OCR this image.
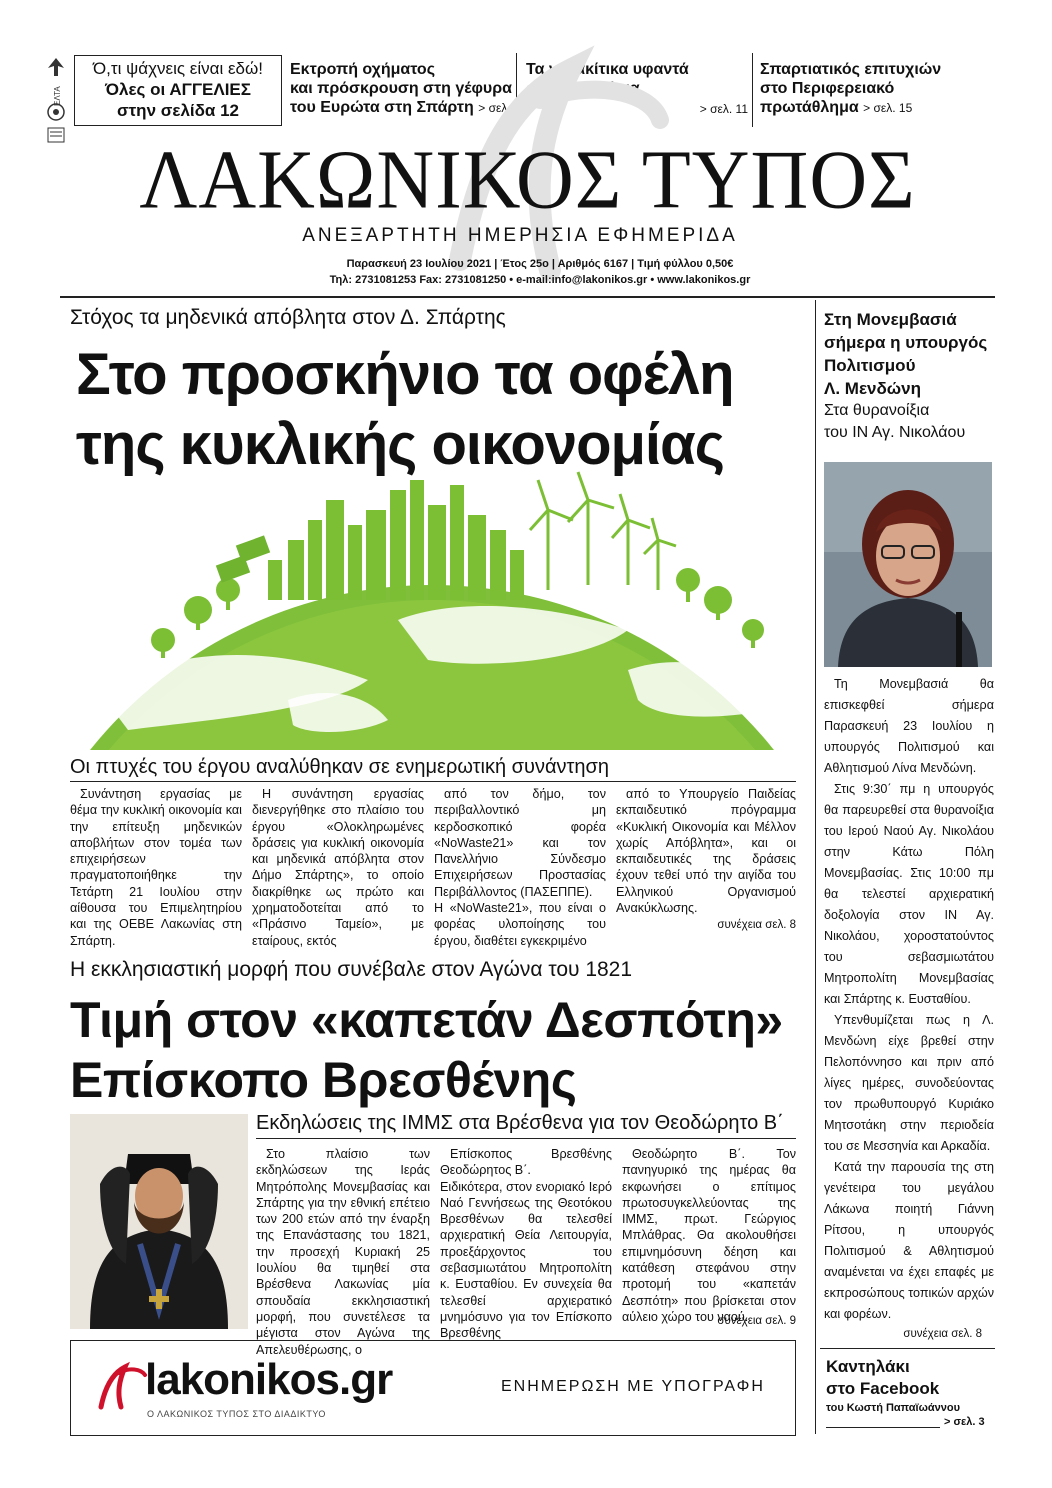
ΕΛΤΑ
Ό,τι ψάχνεις είναι εδώ!
Όλες οι ΑΓΓΕΛΙΕΣ
στην σελίδα 12
Εκτροπή οχήματος
και πρόσκρουση στη γέφυρα
του Ευρώτα στη Σπάρτη > σελ. 7
Τα γερακίτικα υφαντά
στα μπαλκόνια
> σελ. 11
Σπαρτιατικός επιτυχιών
στο Περιφερειακό
πρωτάθλημα > σελ. 15
ΛΑΚΩΝΙΚΟΣ ΤΥΠΟΣ
ΑΝΕΞΑΡΤΗΤΗ ΗΜΕΡΗΣΙΑ ΕΦΗΜΕΡΙΔΑ
Παρασκευή 23 Ιουλίου 2021 | Έτος 25ο | Αριθμός 6167 | Τιμή φύλλου 0,50€
Τηλ: 2731081253 Fax: 2731081250 • e-mail:info@lakonikos.gr • www.lakonikos.gr
Στόχος τα μηδενικά απόβλητα στον Δ. Σπάρτης
Στο προσκήνιο τα οφέλη
της κυκλικής οικονομίας
Οι πτυχές του έργου αναλύθηκαν σε ενημερωτική συνάντηση
Συνάντηση εργασίας με θέμα την κυκλική οικονομία και την επίτευξη μηδενικών αποβλήτων στον τομέα των επιχειρήσεων πραγματοποιήθηκε την Τετάρτη 21 Ιουλίου στην αίθουσα του Επιμελητηρίου και της ΟΕΒΕ Λακωνίας στη Σπάρτη.
Η συνάντηση εργασίας διενεργήθηκε στο πλαίσιο του έργου «Ολοκληρωμένες δράσεις για κυκλική οικονομία και μηδενικά απόβλητα στον Δήμο Σπάρτης», το οποίο διακρίθηκε ως πρώτο και χρηματοδοτείται από το «Πράσινο Ταμείο», με εταίρους, εκτός
από τον δήμο, τον περιβαλλοντικό μη κερδοσκοπικό φορέα «NoWaste21» και τον Πανελλήνιο Σύνδεσμο Επιχειρήσεων Προστασίας Περιβάλλοντος (ΠΑΣΕΠΠΕ).
Η «NoWaste21», που είναι ο φορέας υλοποίησης του έργου, διαθέτει εγκεκριμένο
από το Υπουργείο Παιδείας εκπαιδευτικό πρόγραμμα «Κυκλική Οικονομία και Μέλλον χωρίς Απόβλητα», και οι εκπαιδευτικές της δράσεις έχουν τεθεί υπό την αιγίδα του Ελληνικού Οργανισμού Ανακύκλωσης.
συνέχεια σελ. 8
Η εκκλησιαστική μορφή που συνέβαλε στον Αγώνα του 1821
Τιμή στον «καπετάν Δεσπότη»
Επίσκοπο Βρεσθένης
Εκδηλώσεις της ΙΜΜΣ στα Βρέσθενα για τον Θεοδώρητο Β΄
Στο πλαίσιο των εκδηλώσεων της Ιεράς Μητρόπολης Μονεμβασίας και Σπάρτης για την εθνική επέτειο των 200 ετών από την έναρξη της Επανάστασης του 1821, την προσεχή Κυριακή 25 Ιουλίου θα τιμηθεί στα Βρέσθενα Λακωνίας μία σπουδαία εκκλησιαστική μορφή, που συνετέλεσε τα μέγιστα στον Αγώνα της Απελευθέρωσης, ο
Επίσκοπος Βρεσθένης Θεοδώρητος Β΄.
Ειδικότερα, στον ενοριακό Ιερό Ναό Γεννήσεως της Θεοτόκου Βρεσθένων θα τελεσθεί αρχιερατική Θεία Λειτουργία, προεξάρχοντος του σεβασμιωτάτου Μητροπολίτη κ. Ευσταθίου. Εν συνεχεία θα τελεσθεί αρχιερατικό μνημόσυνο για τον Επίσκοπο Βρεσθένης
Θεοδώρητο Β΄. Τον πανηγυρικό της ημέρας θα εκφωνήσει ο επίτιμος πρωτοσυγκελλεύοντας της ΙΜΜΣ, πρωτ. Γεώργιος Μπλάθρας. Θα ακολουθήσει επιμνημόσυνη δέηση και κατάθεση στεφάνου στην προτομή του «καπετάν Δεσπότη» που βρίσκεται στον αύλειο χώρο του ναού.
συνέχεια σελ. 9
lakonikos.gr
Ο ΛΑΚΩΝΙΚΟΣ ΤΥΠΟΣ ΣΤΟ ΔΙΑΔΙΚΤΥΟ
ΕΝΗΜΕΡΩΣΗ ΜΕ ΥΠΟΓΡΑΦΗ
Στη Μονεμβασιά
σήμερα η υπουργός
Πολιτισμού
Λ. Μενδώνη
Στα θυρανοίξια
του ΙΝ Αγ. Νικολάου
Τη Μονεμβασιά θα επισκεφθεί σήμερα Παρασκευή 23 Ιουλίου η υπουργός Πολιτισμού και Αθλητισμού Λίνα Μενδώνη.
Στις 9:30΄ πμ η υπουργός θα παρευρεθεί στα θυρανοίξια του Ιερού Ναού Αγ. Νικολάου στην Κάτω Πόλη Μονεμβασίας. Στις 10:00 πμ θα τελεστεί αρχιερατική δοξολογία στον ΙΝ Αγ. Νικολάου, χοροστατούντος του σεβασμιωτάτου Μητροπολίτη Μονεμβασίας και Σπάρτης κ. Ευσταθίου.
Υπενθυμίζεται πως η Λ. Μενδώνη είχε βρεθεί στην Πελοπόννησο και πριν από λίγες ημέρες, συνοδεύοντας τον πρωθυπουργό Κυριάκο Μητσοτάκη στην περιοδεία του σε Μεσσηνία και Αρκαδία.
Κατά την παρουσία της στη γενέτειρα του μεγάλου Λάκωνα ποιητή Γιάννη Ρίτσου, η υπουργός Πολιτισμού & Αθλητισμού αναμένεται να έχει επαφές με εκπροσώπους τοπικών αρχών και φορέων.
συνέχεια σελ. 8
Καντηλάκι
στο Facebook
του Κωστή Παπαϊωάννου
> σελ. 3
